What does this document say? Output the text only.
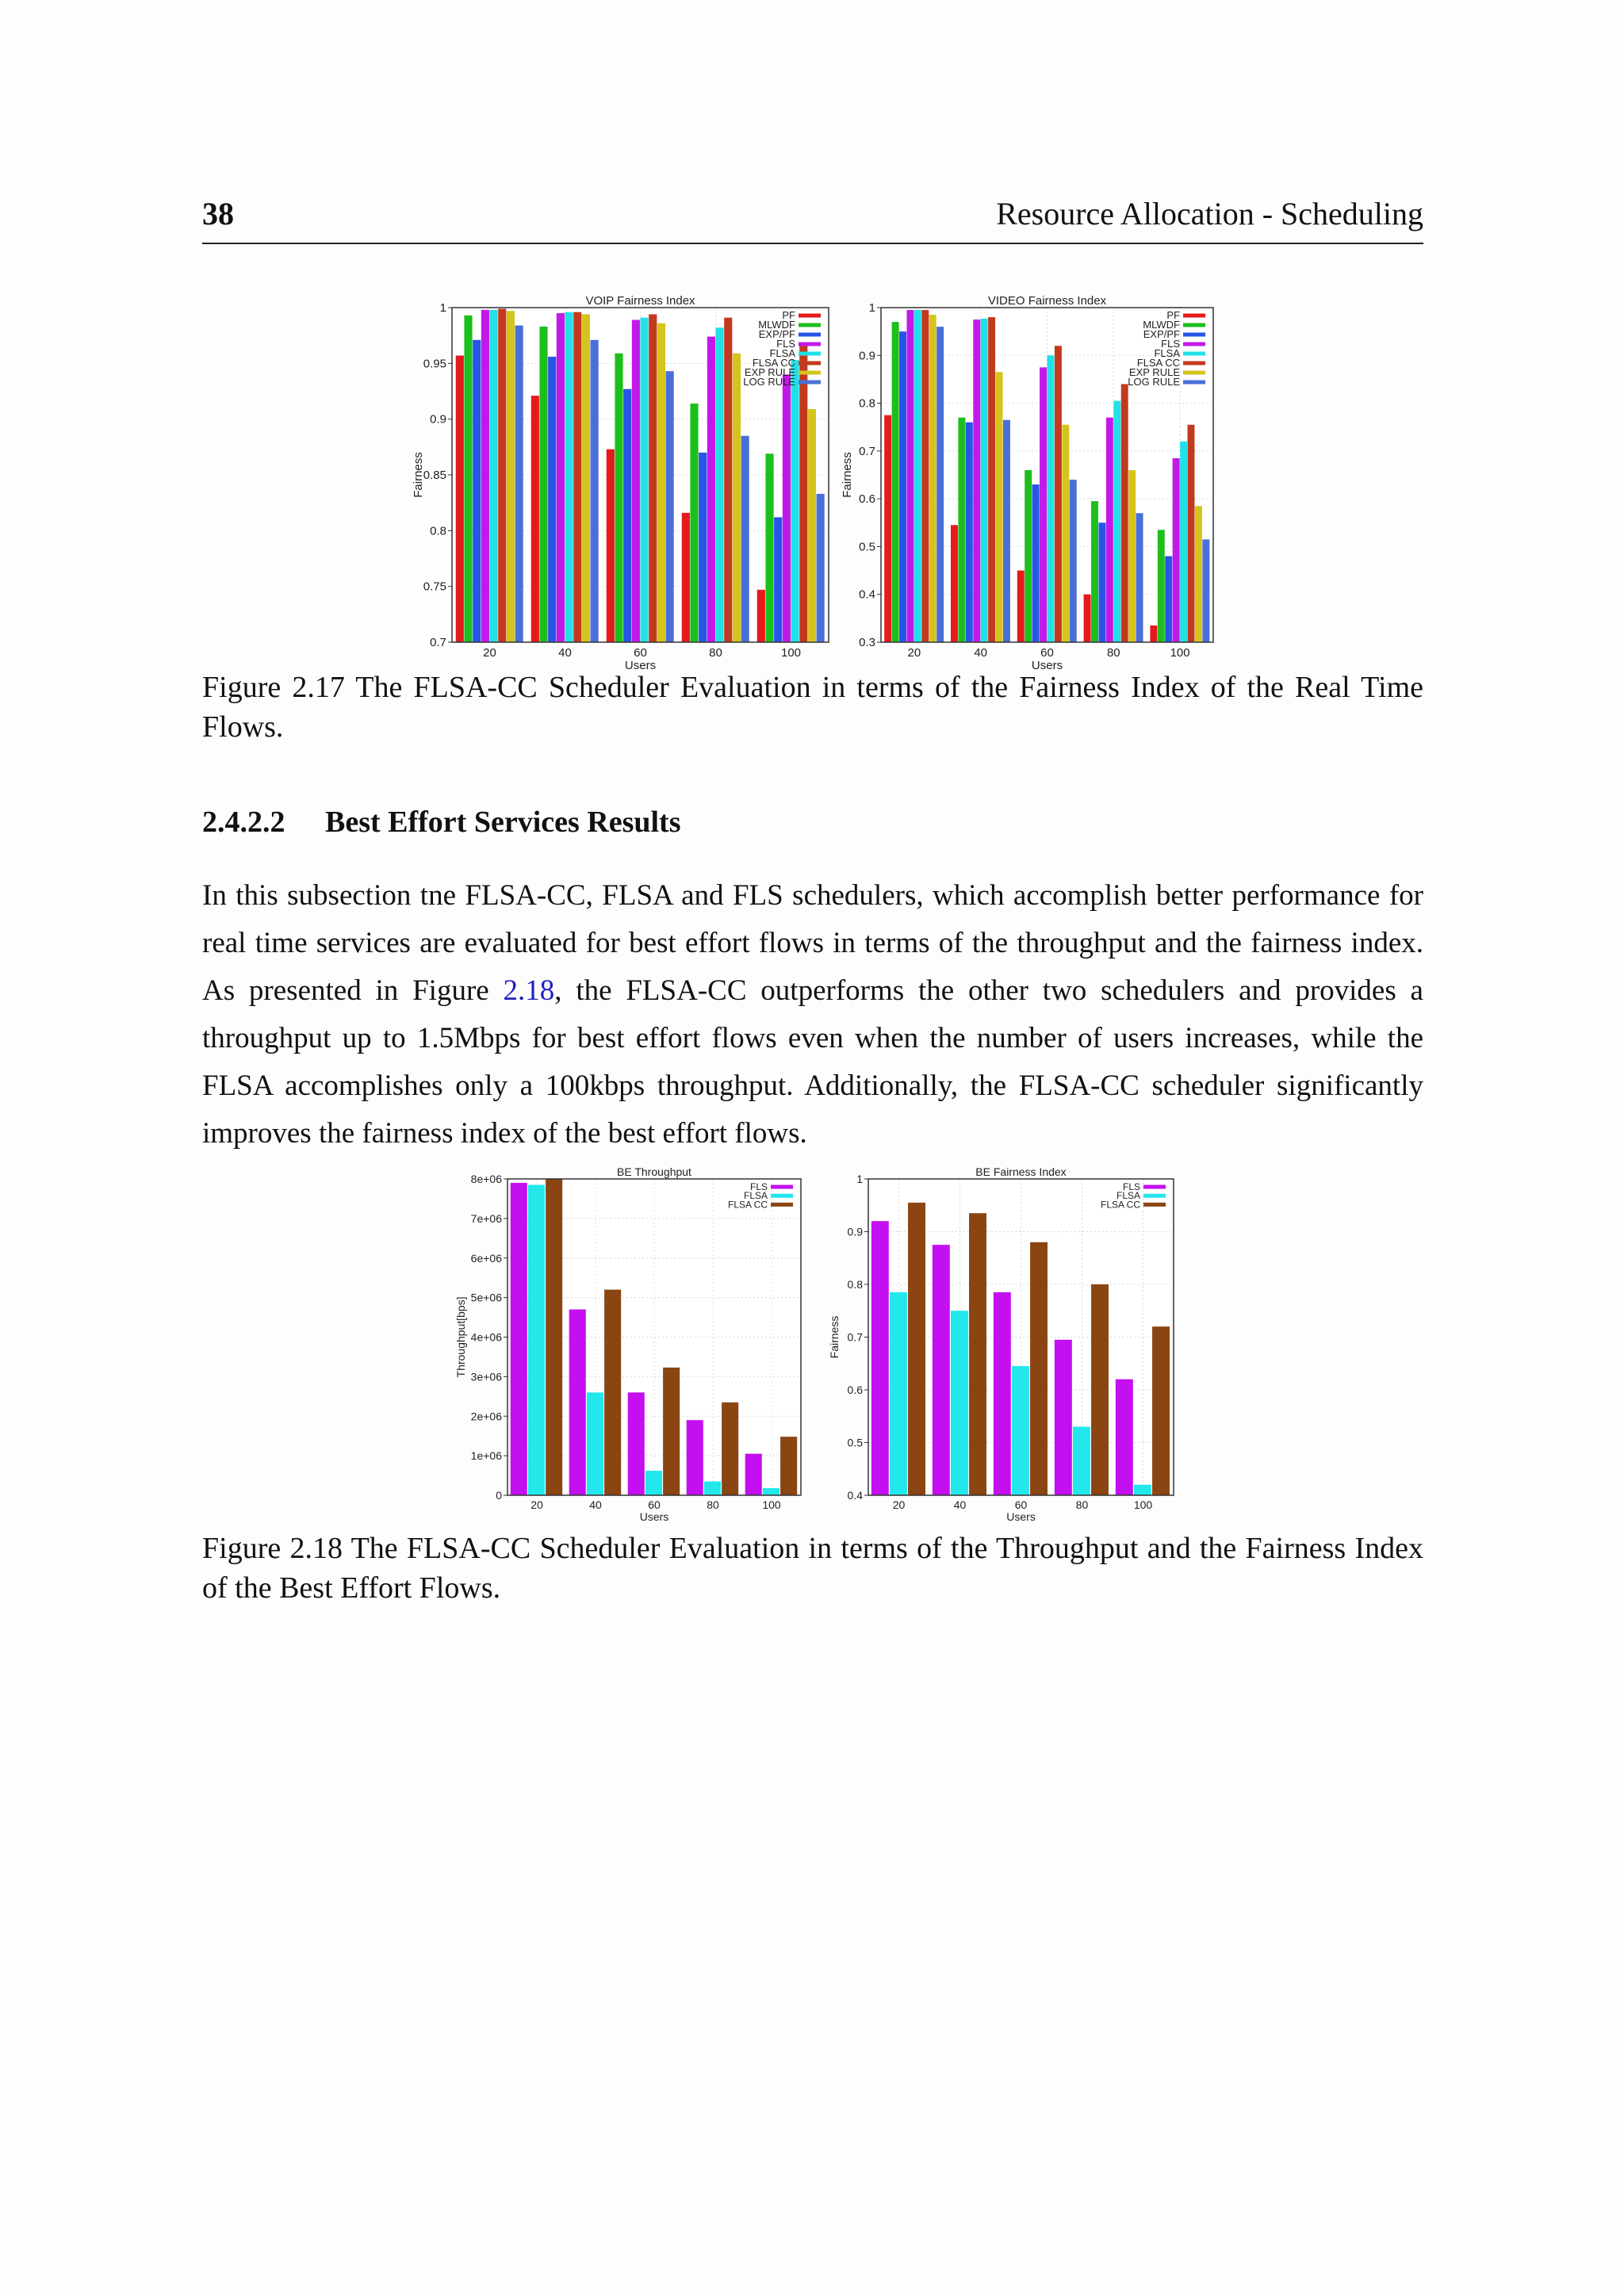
38	Resource Allocation - Scheduling
0.7
0.75
0.8
0.85
0.9
0.95
1
20	40	60	80	100
VOIP Fairness Index
Users
Fairness
PF
MLWDF
EXP/PF
FLS
FLSA
FLSA CC
EXP RULE
LOG RULE
0.3
0.4
0.5
0.6
0.7
0.8
0.9
1
20	40	60	80	100
VIDEO Fairness Index
Users
Fairness
PF
MLWDF
EXP/PF
FLS
FLSA
FLSA CC
EXP RULE
LOG RULE
Figure 2.17 The FLSA-CC Scheduler Evaluation in terms of the Fairness Index of the Real Time Flows.
2.4.2.2 Best Effort Services Results
In this subsection tne FLSA-CC, FLSA and FLS schedulers, which accomplish better performance for real time services are evaluated for best effort flows in terms of the throughput and the fairness index. As presented in Figure 2.18, the FLSA-CC outperforms the other two schedulers and provides a throughput up to 1.5Mbps for best effort flows even when the number of users increases, while the FLSA accomplishes only a 100kbps throughput. Additionally, the FLSA-CC scheduler significantly improves the fairness index of the best effort flows.
0
1e+06
2e+06
3e+06
4e+06
5e+06
6e+06
7e+06
8e+06
20	40	60	80	100
BE Throughput
Users
Throughput[bps]
FLS
FLSA
FLSA CC
0.4
0.5
0.6
0.7
0.8
0.9
1
20	40	60	80	100
BE Fairness Index
Users
Fairness
FLS
FLSA
FLSA CC
Figure 2.18 The FLSA-CC Scheduler Evaluation in terms of the Throughput and the Fairness Index of the Best Effort Flows.
